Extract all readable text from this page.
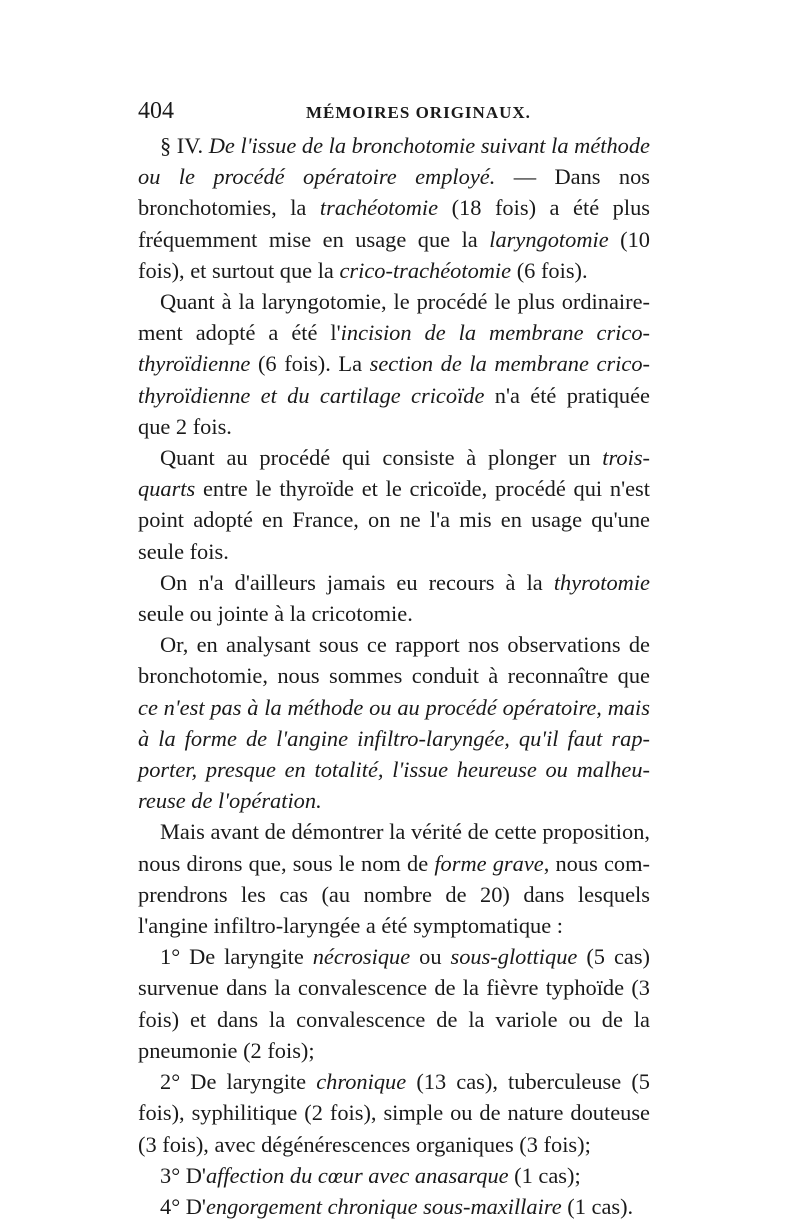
404	MÉMOIRES ORIGINAUX.

§ IV. De l'issue de la bronchotomie suivant la méthode ou le procédé opératoire employé. — Dans nos bronchotomies, la trachéotomie (18 fois) a été plus fréquemment mise en usage que la laryngotomie (10 fois), et surtout que la crico-trachéotomie (6 fois).

Quant à la laryngotomie, le procédé le plus ordinairement adopté a été l'incision de la membrane crico-thyroïdienne (6 fois). La section de la membrane crico-thyroïdienne et du cartilage cricoïde n'a été pratiquée que 2 fois.

Quant au procédé qui consiste à plonger un trois-quarts entre le thyroïde et le cricoïde, procédé qui n'est point adopté en France, on ne l'a mis en usage qu'une seule fois.

On n'a d'ailleurs jamais eu recours à la thyrotomie seule ou jointe à la cricotomie.

Or, en analysant sous ce rapport nos observations de bronchotomie, nous sommes conduit à reconnaître que ce n'est pas à la méthode ou au procédé opératoire, mais à la forme de l'angine infiltro-laryngée, qu'il faut rapporter, presque en totalité, l'issue heureuse ou malheureuse de l'opération.

Mais avant de démontrer la vérité de cette proposition, nous dirons que, sous le nom de forme grave, nous comprendrons les cas (au nombre de 20) dans lesquels l'angine infiltro-laryngée a été symptomatique :

1° De laryngite nécrosique ou sous-glottique (5 cas) survenue dans la convalescence de la fièvre typhoïde (3 fois) et dans la convalescence de la variole ou de la pneumonie (2 fois);

2° De laryngite chronique (13 cas), tuberculeuse (5 fois), syphilitique (2 fois), simple ou de nature douteuse (3 fois), avec dégénérescences organiques (3 fois);

3° D'affection du cœur avec anasarque (1 cas);

4° D'engorgement chronique sous-maxillaire (1 cas).
